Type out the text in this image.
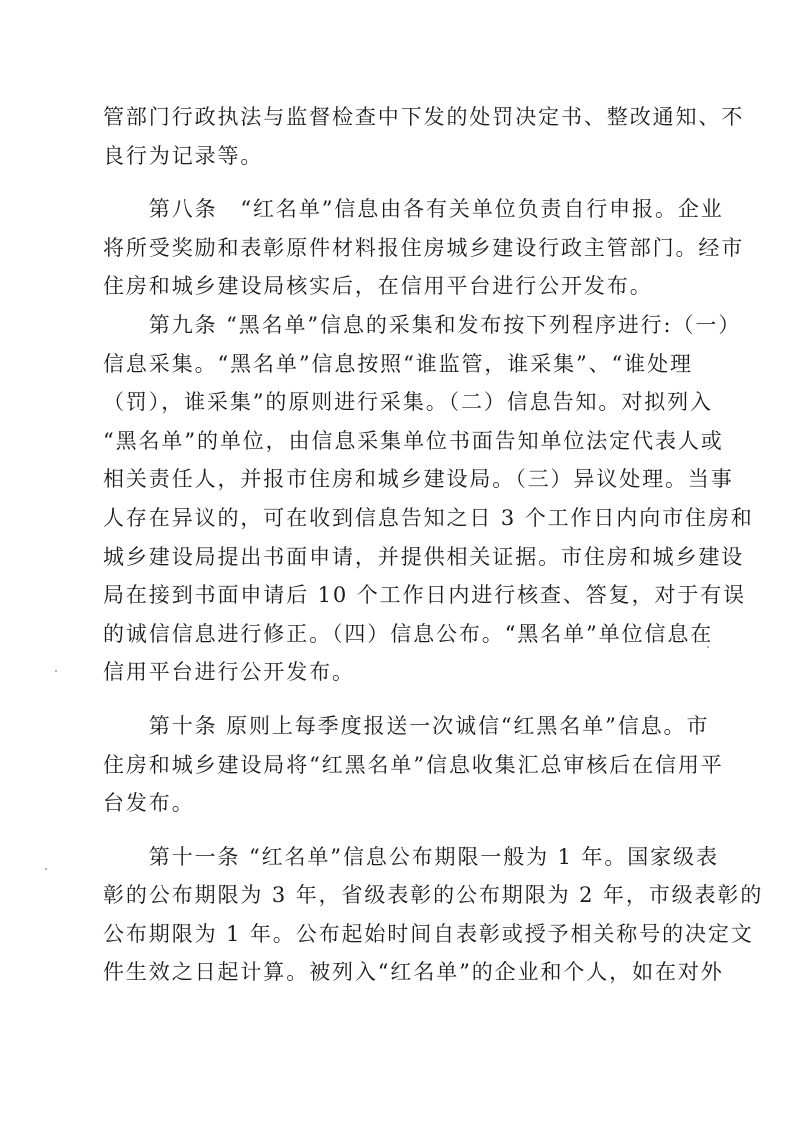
管部门行政执法与监督检查中下发的处罚决定书、整改通知、不
良行为记录等。
　　第八条　“红名单”信息由各有关单位负责自行申报。企业
将所受奖励和表彰原件材料报住房城乡建设行政主管部门。经市
住房和城乡建设局核实后，在信用平台进行公开发布。
　　第九条 “黑名单”信息的采集和发布按下列程序进行:（一）
信息采集。“黑名单”信息按照“谁监管，谁采集”、“谁处理
（罚），谁采集”的原则进行采集。（二）信息告知。对拟列入
“黑名单”的单位，由信息采集单位书面告知单位法定代表人或
相关责任人，并报市住房和城乡建设局。（三）异议处理。当事
人存在异议的，可在收到信息告知之日 3 个工作日内向市住房和
城乡建设局提出书面申请，并提供相关证据。市住房和城乡建设
局在接到书面申请后 10 个工作日内进行核查、答复，对于有误
的诚信信息进行修正。（四）信息公布。“黑名单”单位信息在
信用平台进行公开发布。
　　第十条 原则上每季度报送一次诚信“红黑名单”信息。市
住房和城乡建设局将“红黑名单”信息收集汇总审核后在信用平
台发布。
　　第十一条 “红名单”信息公布期限一般为 1 年。国家级表
彰的公布期限为 3 年，省级表彰的公布期限为 2 年，市级表彰的
公布期限为 1 年。公布起始时间自表彰或授予相关称号的决定文
件生效之日起计算。被列入“红名单”的企业和个人，如在对外
